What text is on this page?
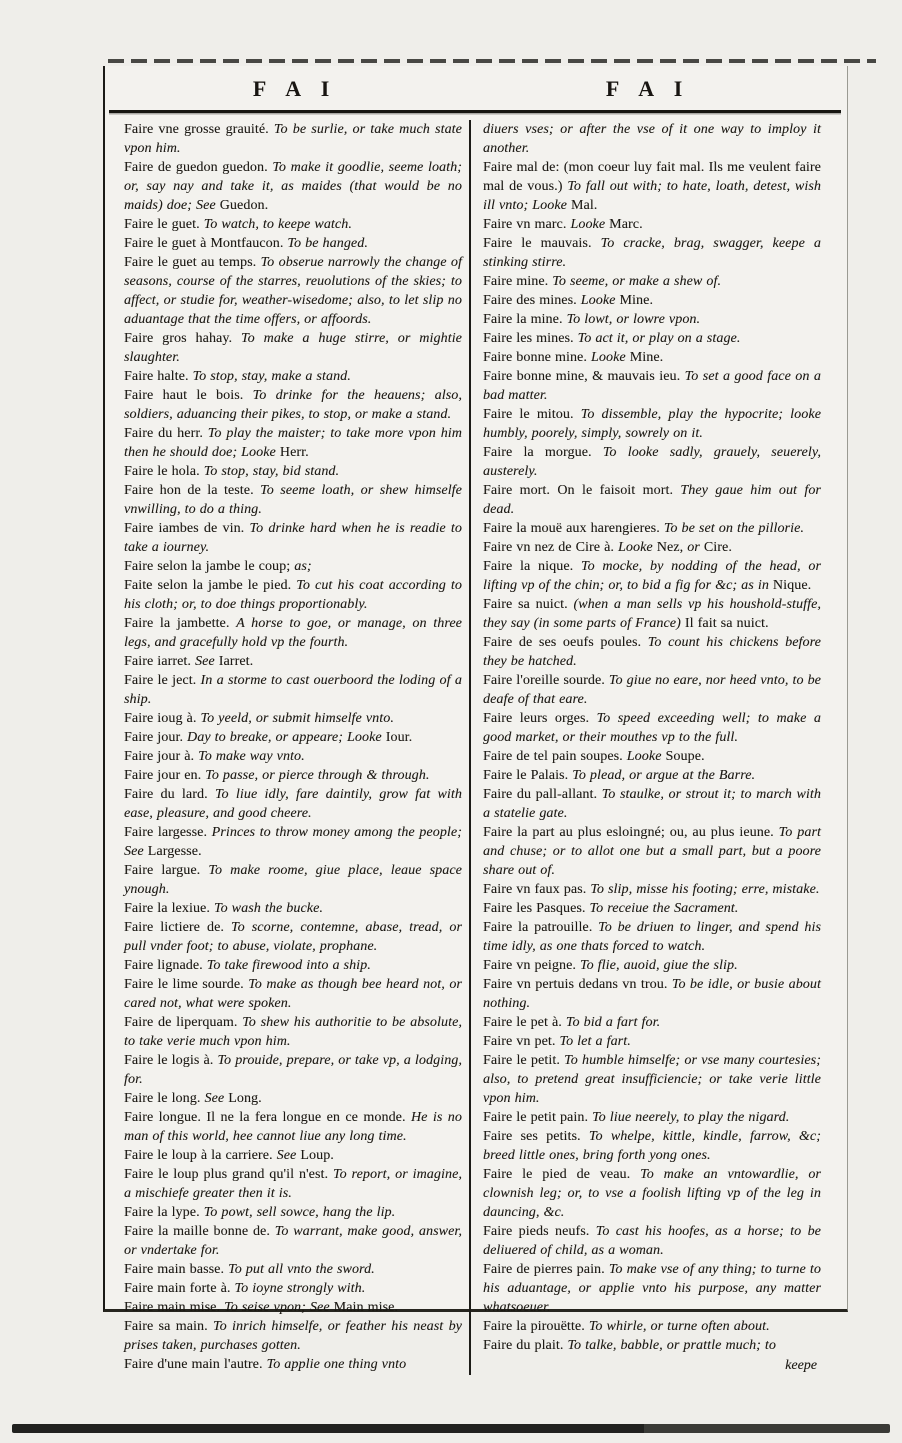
F A I	F A I

Faire vne grosse grauité. To be surlie, or take much state vpon him.

Faire de guedon guedon. To make it goodlie, seeme loath; or, say nay and take it, as maides (that would be no maids) doe; See Guedon.

Faire le guet. To watch, to keepe watch.

Faire le guet à Montfaucon. To be hanged.

Faire le guet au temps. To obserue narrowly the change of seasons, course of the starres, reuolutions of the skies; to affect, or studie for, weather-wisedome; also, to let slip no aduantage that the time offers, or affoords.

Faire gros hahay. To make a huge stirre, or mightie slaughter.

Faire halte. To stop, stay, make a stand.

Faire haut le bois. To drinke for the heauens; also, soldiers, aduancing their pikes, to stop, or make a stand.

Faire du herr. To play the maister; to take more vpon him then he should doe; Looke Herr.

Faire le hola. To stop, stay, bid stand.

Faire hon de la teste. To seeme loath, or shew himselfe vnwilling, to do a thing.

Faire iambes de vin. To drinke hard when he is readie to take a iourney.

Faire selon la jambe le coup; as;

Faite selon la jambe le pied. To cut his coat according to his cloth; or, to doe things proportionably.

Faire la jambette. A horse to goe, or manage, on three legs, and gracefully hold vp the fourth.

Faire iarret. See Iarret.

Faire le ject. In a storme to cast ouerboord the loding of a ship.

Faire ioug à. To yeeld, or submit himselfe vnto.

Faire jour. Day to breake, or appeare; Looke Iour.

Faire jour à. To make way vnto.

Faire jour en. To passe, or pierce through & through.

Faire du lard. To liue idly, fare daintily, grow fat with ease, pleasure, and good cheere.

Faire largesse. Princes to throw money among the people; See Largesse.

Faire largue. To make roome, giue place, leaue space ynough.

Faire la lexiue. To wash the bucke.

Faire lictiere de. To scorne, contemne, abase, tread, or pull vnder foot; to abuse, violate, prophane.

Faire lignade. To take firewood into a ship.

Faire le lime sourde. To make as though bee heard not, or cared not, what were spoken.

Faire de liperquam. To shew his authoritie to be absolute, to take verie much vpon him.

Faire le logis à. To prouide, prepare, or take vp, a lodging, for.

Faire le long. See Long.

Faire longue. Il ne la fera longue en ce monde. He is no man of this world, hee cannot liue any long time.

Faire le loup à la carriere. See Loup.

Faire le loup plus grand qu'il n'est. To report, or imagine, a mischiefe greater then it is.

Faire la lype. To powt, sell sowce, hang the lip.

Faire la maille bonne de. To warrant, make good, answer, or vndertake for.

Faire main basse. To put all vnto the sword.

Faire main forte à. To ioyne strongly with.

Faire main mise. To seise vpon; See Main mise.

Faire sa main. To inrich himselfe, or feather his neast by prises taken, purchases gotten.

Faire d'une main l'autre. To applie one thing vnto

diuers vses; or after the vse of it one way to imploy it another.

Faire mal de: (mon coeur luy fait mal. Ils me veulent faire mal de vous.) To fall out with; to hate, loath, detest, wish ill vnto; Looke Mal.

Faire vn marc. Looke Marc.

Faire le mauvais. To cracke, brag, swagger, keepe a stinking stirre.

Faire mine. To seeme, or make a shew of.

Faire des mines. Looke Mine.

Faire la mine. To lowt, or lowre vpon.

Faire les mines. To act it, or play on a stage.

Faire bonne mine. Looke Mine.

Faire bonne mine, & mauvais ieu. To set a good face on a bad matter.

Faire le mitou. To dissemble, play the hypocrite; looke humbly, poorely, simply, sowrely on it.

Faire la morgue. To looke sadly, grauely, seuerely, austerely.

Faire mort. On le faisoit mort. They gaue him out for dead.

Faire la mouë aux harengieres. To be set on the pillorie.

Faire vn nez de Cire à. Looke Nez, or Cire.

Faire la nique. To mocke, by nodding of the head, or lifting vp of the chin; or, to bid a fig for &c; as in Nique.

Faire sa nuict. (when a man sells vp his houshold-stuffe, they say (in some parts of France) Il fait sa nuict.

Faire de ses oeufs poules. To count his chickens before they be hatched.

Faire l'oreille sourde. To giue no eare, nor heed vnto, to be deafe of that eare.

Faire leurs orges. To speed exceeding well; to make a good market, or their mouthes vp to the full.

Faire de tel pain soupes. Looke Soupe.

Faire le Palais. To plead, or argue at the Barre.

Faire du pall-allant. To staulke, or strout it; to march with a statelie gate.

Faire la part au plus esloingné; ou, au plus ieune. To part and chuse; or to allot one but a small part, but a poore share out of.

Faire vn faux pas. To slip, misse his footing; erre, mistake.

Faire les Pasques. To receiue the Sacrament.

Faire la patrouille. To be driuen to linger, and spend his time idly, as one thats forced to watch.

Faire vn peigne. To flie, auoid, giue the slip.

Faire vn pertuis dedans vn trou. To be idle, or busie about nothing.

Faire le pet à. To bid a fart for.

Faire vn pet. To let a fart.

Faire le petit. To humble himselfe; or vse many courtesies; also, to pretend great insufficiencie; or take verie little vpon him.

Faire le petit pain. To liue neerely, to play the nigard.

Faire ses petits. To whelpe, kittle, kindle, farrow, &c; breed little ones, bring forth yong ones.

Faire le pied de veau. To make an vntowardlie, or clownish leg; or, to vse a foolish lifting vp of the leg in dauncing, &c.

Faire pieds neufs. To cast his hoofes, as a horse; to be deliuered of child, as a woman.

Faire de pierres pain. To make vse of any thing; to turne to his aduantage, or applie vnto his purpose, any matter whatsoeuer.

Faire la pirouëtte. To whirle, or turne often about.

Faire du plait. To talke, babble, or prattle much; to

keepe
